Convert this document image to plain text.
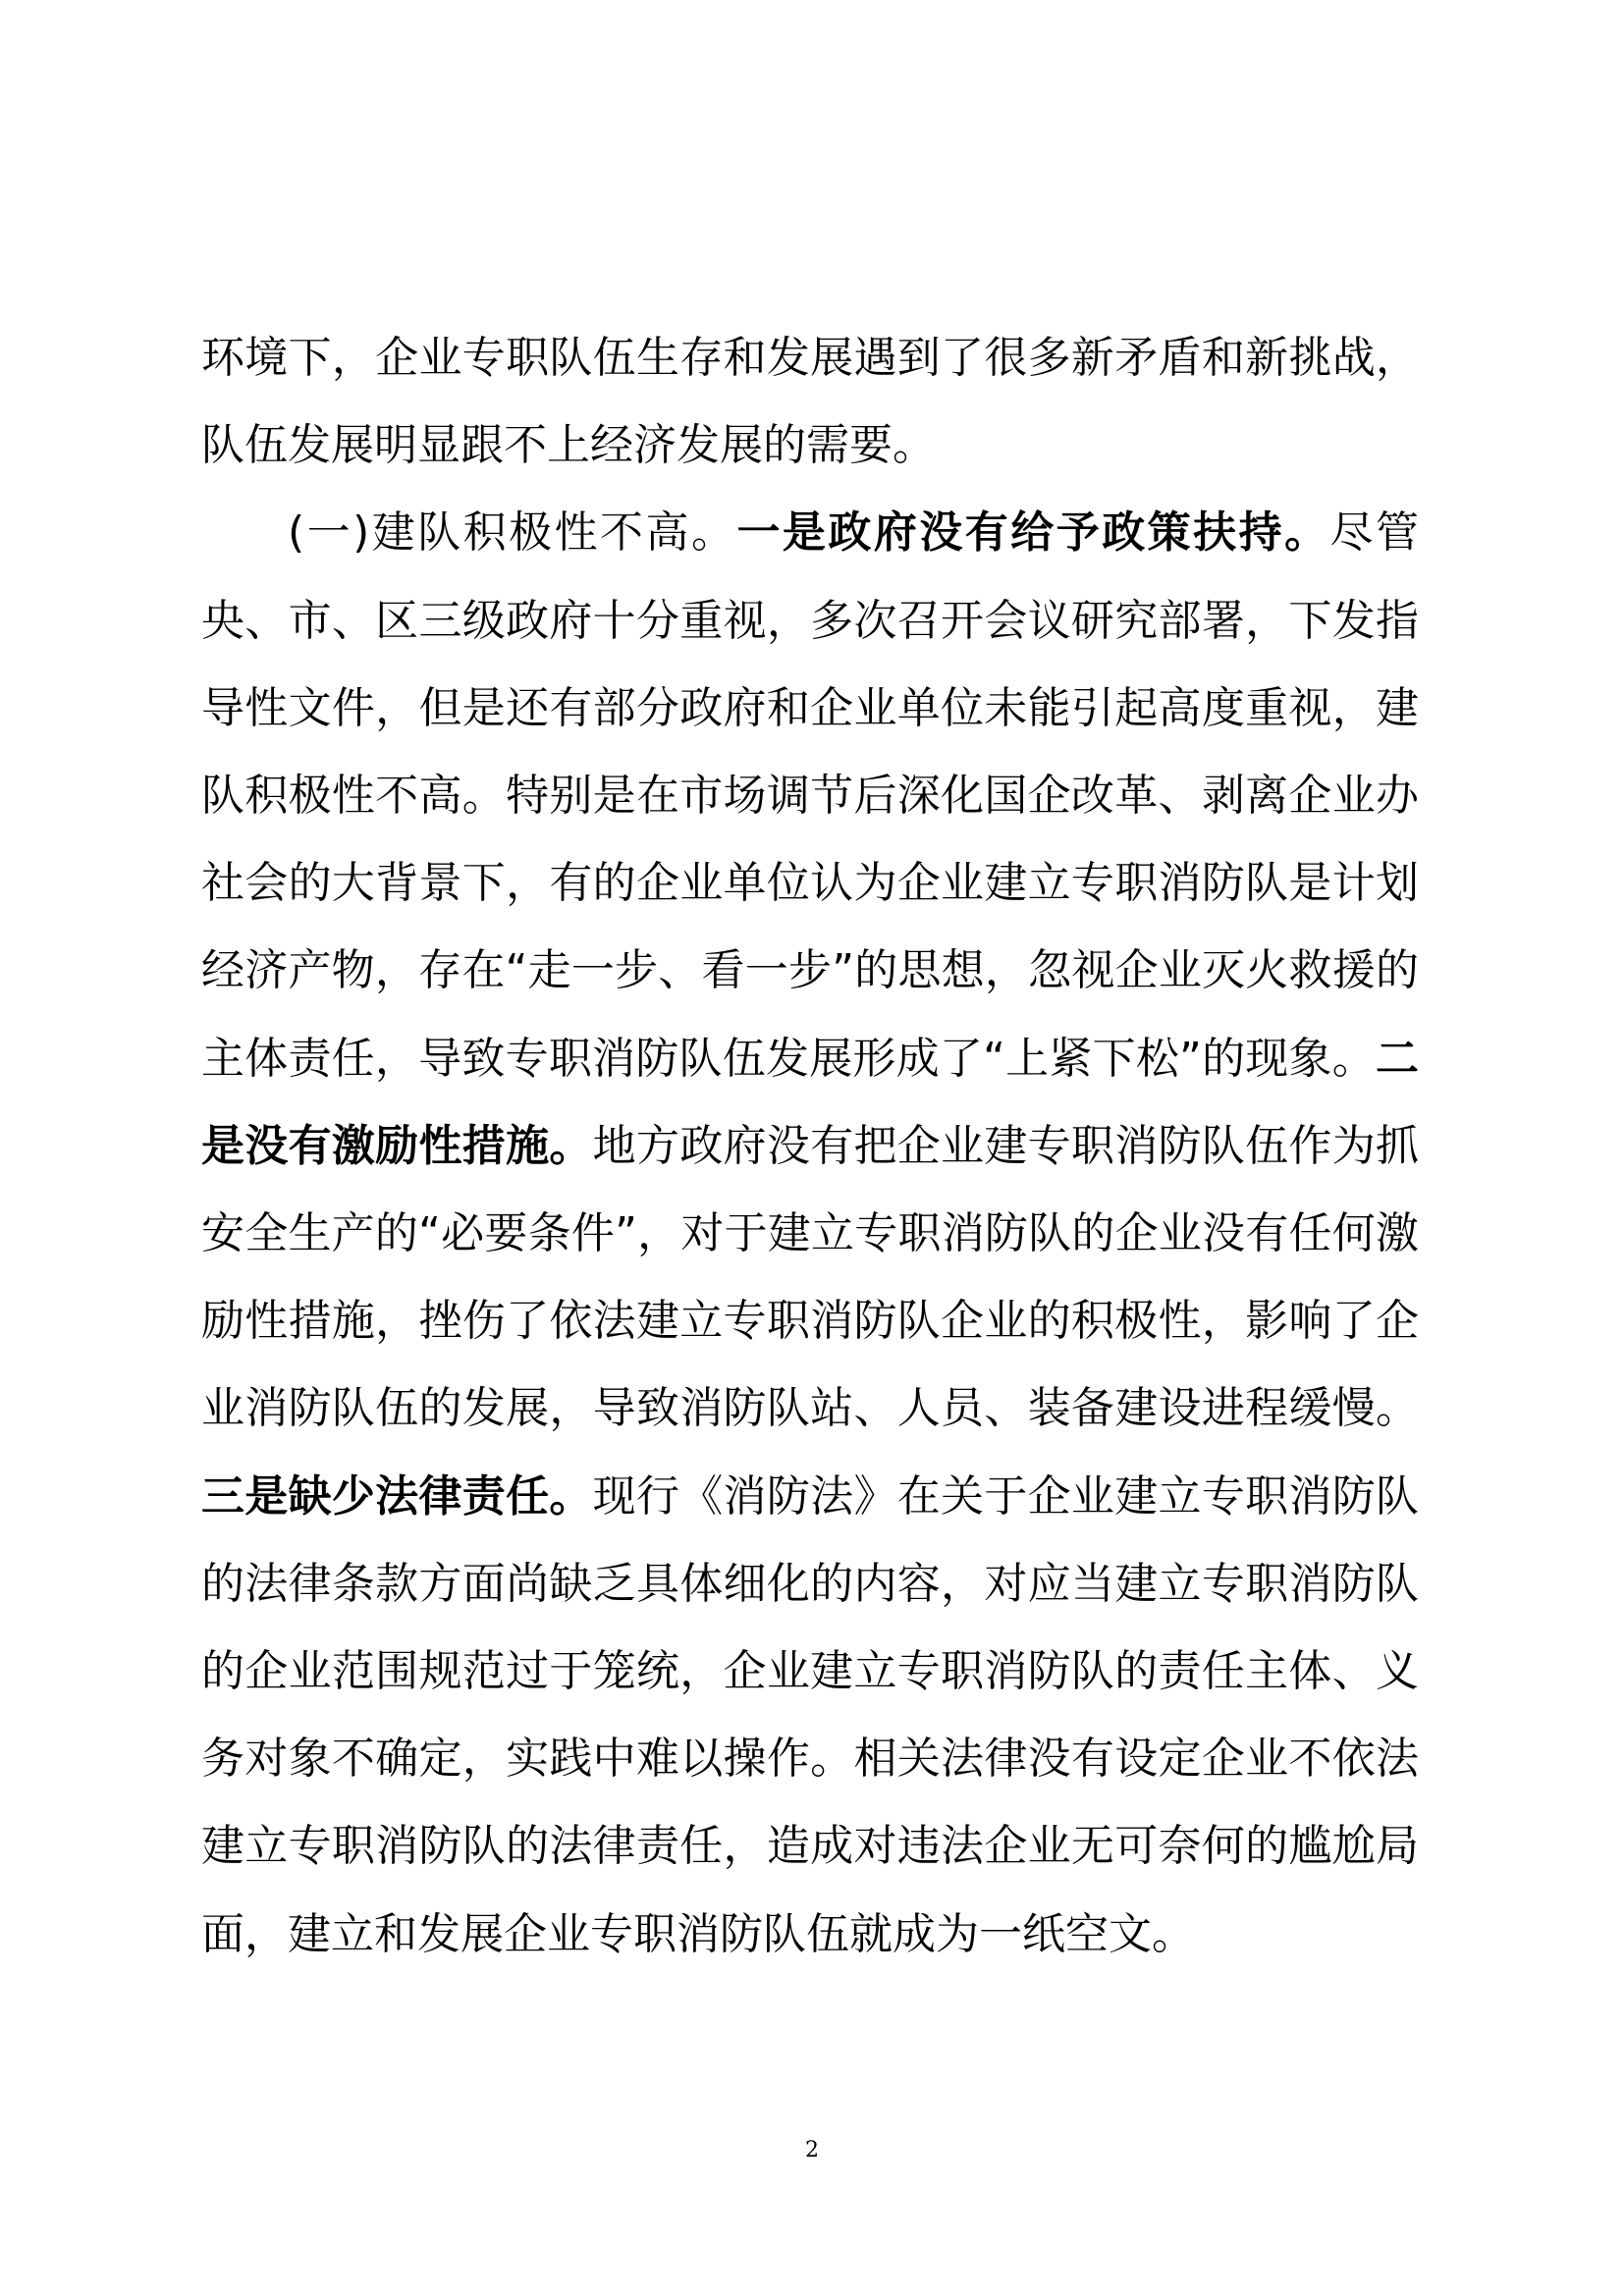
环境下，企业专职队伍生存和发展遇到了很多新矛盾和新挑战，队伍发展明显跟不上经济发展的需要。

(一)建队积极性不高。一是政府没有给予政策扶持。尽管央、市、区三级政府十分重视，多次召开会议研究部署，下发指导性文件，但是还有部分政府和企业单位未能引起高度重视，建队积极性不高。特别是在市场调节后深化国企改革、剥离企业办社会的大背景下，有的企业单位认为企业建立专职消防队是计划经济产物，存在“走一步、看一步”的思想，忽视企业灭火救援的主体责任，导致专职消防队伍发展形成了“上紧下松”的现象。二是没有激励性措施。地方政府没有把企业建专职消防队伍作为抓安全生产的“必要条件”，对于建立专职消防队的企业没有任何激励性措施，挫伤了依法建立专职消防队企业的积极性，影响了企业消防队伍的发展，导致消防队站、人员、装备建设进程缓慢。三是缺少法律责任。现行《消防法》在关于企业建立专职消防队的法律条款方面尚缺乏具体细化的内容，对应当建立专职消防队的企业范围规范过于笼统，企业建立专职消防队的责任主体、义务对象不确定，实践中难以操作。相关法律没有设定企业不依法建立专职消防队的法律责任，造成对违法企业无可奈何的尴尬局面，建立和发展企业专职消防队伍就成为一纸空文。

2
